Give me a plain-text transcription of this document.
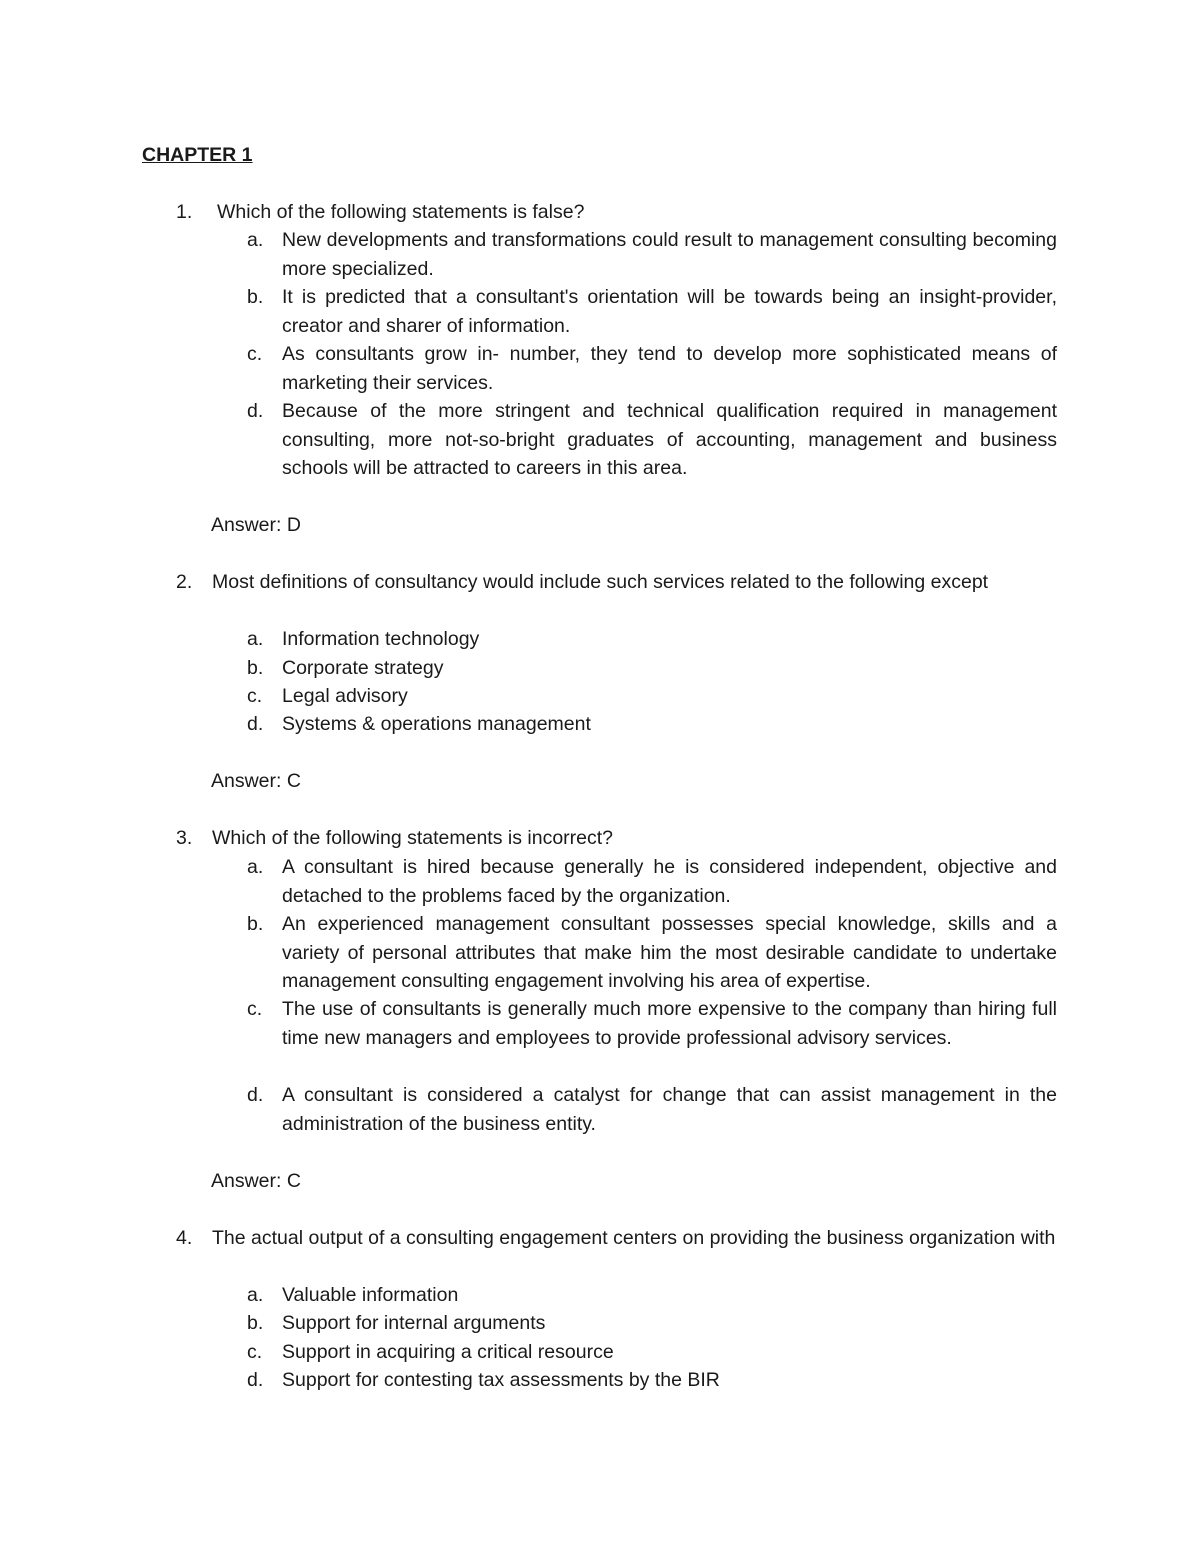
CHAPTER 1
1. Which of the following statements is false?
a. New developments and transformations could result to management consulting becoming more specialized.
b. It is predicted that a consultant's orientation will be towards being an insight-provider, creator and sharer of information.
c. As consultants grow in- number, they tend to develop more sophisticated means of marketing their services.
d. Because of the more stringent and technical qualification required in management consulting, more not-so-bright graduates of accounting, management and business schools will be attracted to careers in this area.
Answer: D
2. Most definitions of consultancy would include such services related to the following except
a. Information technology
b. Corporate strategy
c. Legal advisory
d. Systems & operations management
Answer: C
3. Which of the following statements is incorrect?
a. A consultant is hired because generally he is considered independent, objective and detached to the problems faced by the organization.
b. An experienced management consultant possesses special knowledge, skills and a variety of personal attributes that make him the most desirable candidate to undertake management consulting engagement involving his area of expertise.
c. The use of consultants is generally much more expensive to the company than hiring full time new managers and employees to provide professional advisory services.
d. A consultant is considered a catalyst for change that can assist management in the administration of the business entity.
Answer: C
4. The actual output of a consulting engagement centers on providing the business organization with
a. Valuable information
b. Support for internal arguments
c. Support in acquiring a critical resource
d. Support for contesting tax assessments by the BIR
